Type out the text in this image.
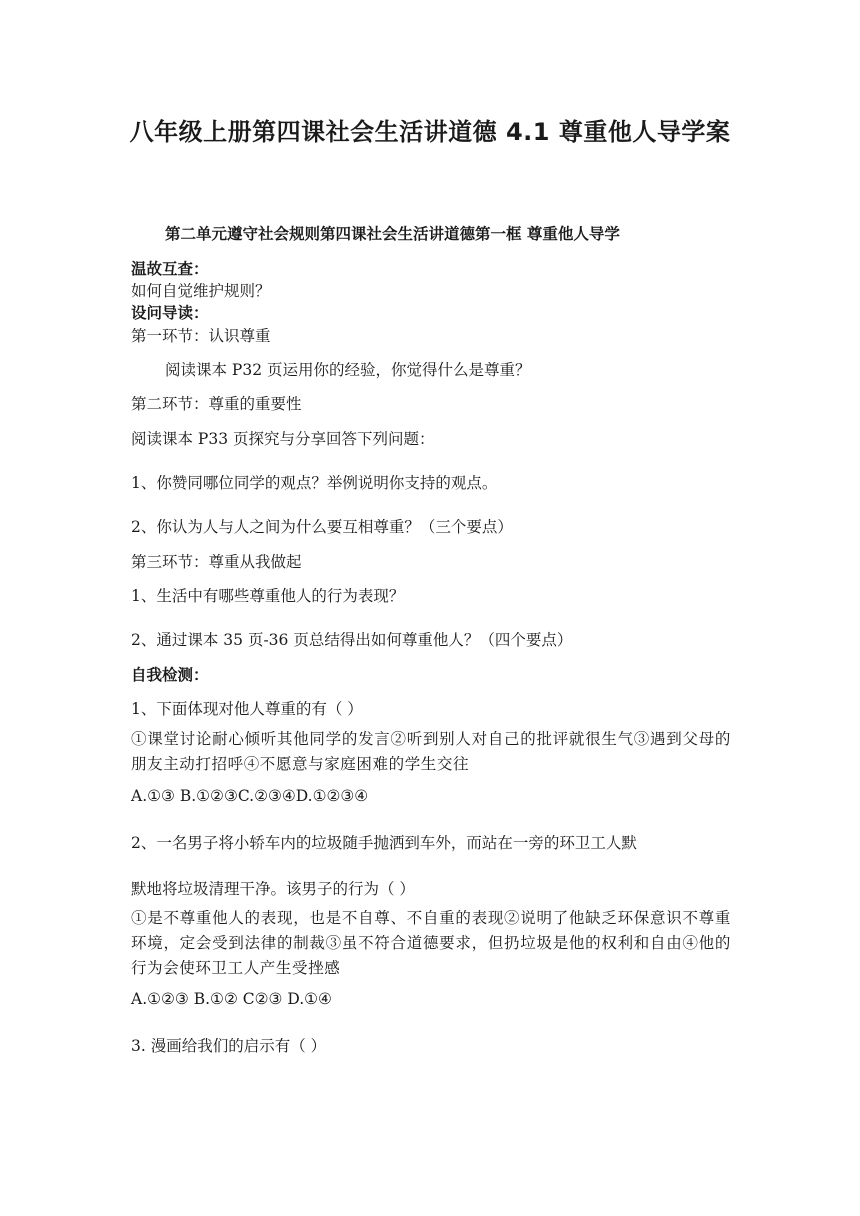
八年级上册第四课社会生活讲道德 4.1 尊重他人导学案

第二单元遵守社会规则第四课社会生活讲道德第一框 尊重他人导学

温故互查：

如何自觉维护规则？

设问导读：

第一环节：认识尊重

阅读课本 P32 页运用你的经验，你觉得什么是尊重？

第二环节：尊重的重要性

阅读课本 P33 页探究与分享回答下列问题：

1、你赞同哪位同学的观点？举例说明你支持的观点。

2、你认为人与人之间为什么要互相尊重？（三个要点）

第三环节：尊重从我做起

1、生活中有哪些尊重他人的行为表现？

2、通过课本 35 页-36 页总结得出如何尊重他人？（四个要点）

自我检测：

1、下面体现对他人尊重的有（ ）

①课堂讨论耐心倾听其他同学的发言②听到别人对自己的批评就很生气③遇到父母的朋友主动打招呼④不愿意与家庭困难的学生交往

A.①③ B.①②③C.②③④D.①②③④

2、一名男子将小轿车内的垃圾随手抛洒到车外，而站在一旁的环卫工人默

默地将垃圾清理干净。该男子的行为（ ）

①是不尊重他人的表现，也是不自尊、不自重的表现②说明了他缺乏环保意识不尊重环境，定会受到法律的制裁③虽不符合道德要求，但扔垃圾是他的权利和自由④他的行为会使环卫工人产生受挫感

A.①②③ B.①② C②③ D.①④

3. 漫画给我们的启示有（ ）
